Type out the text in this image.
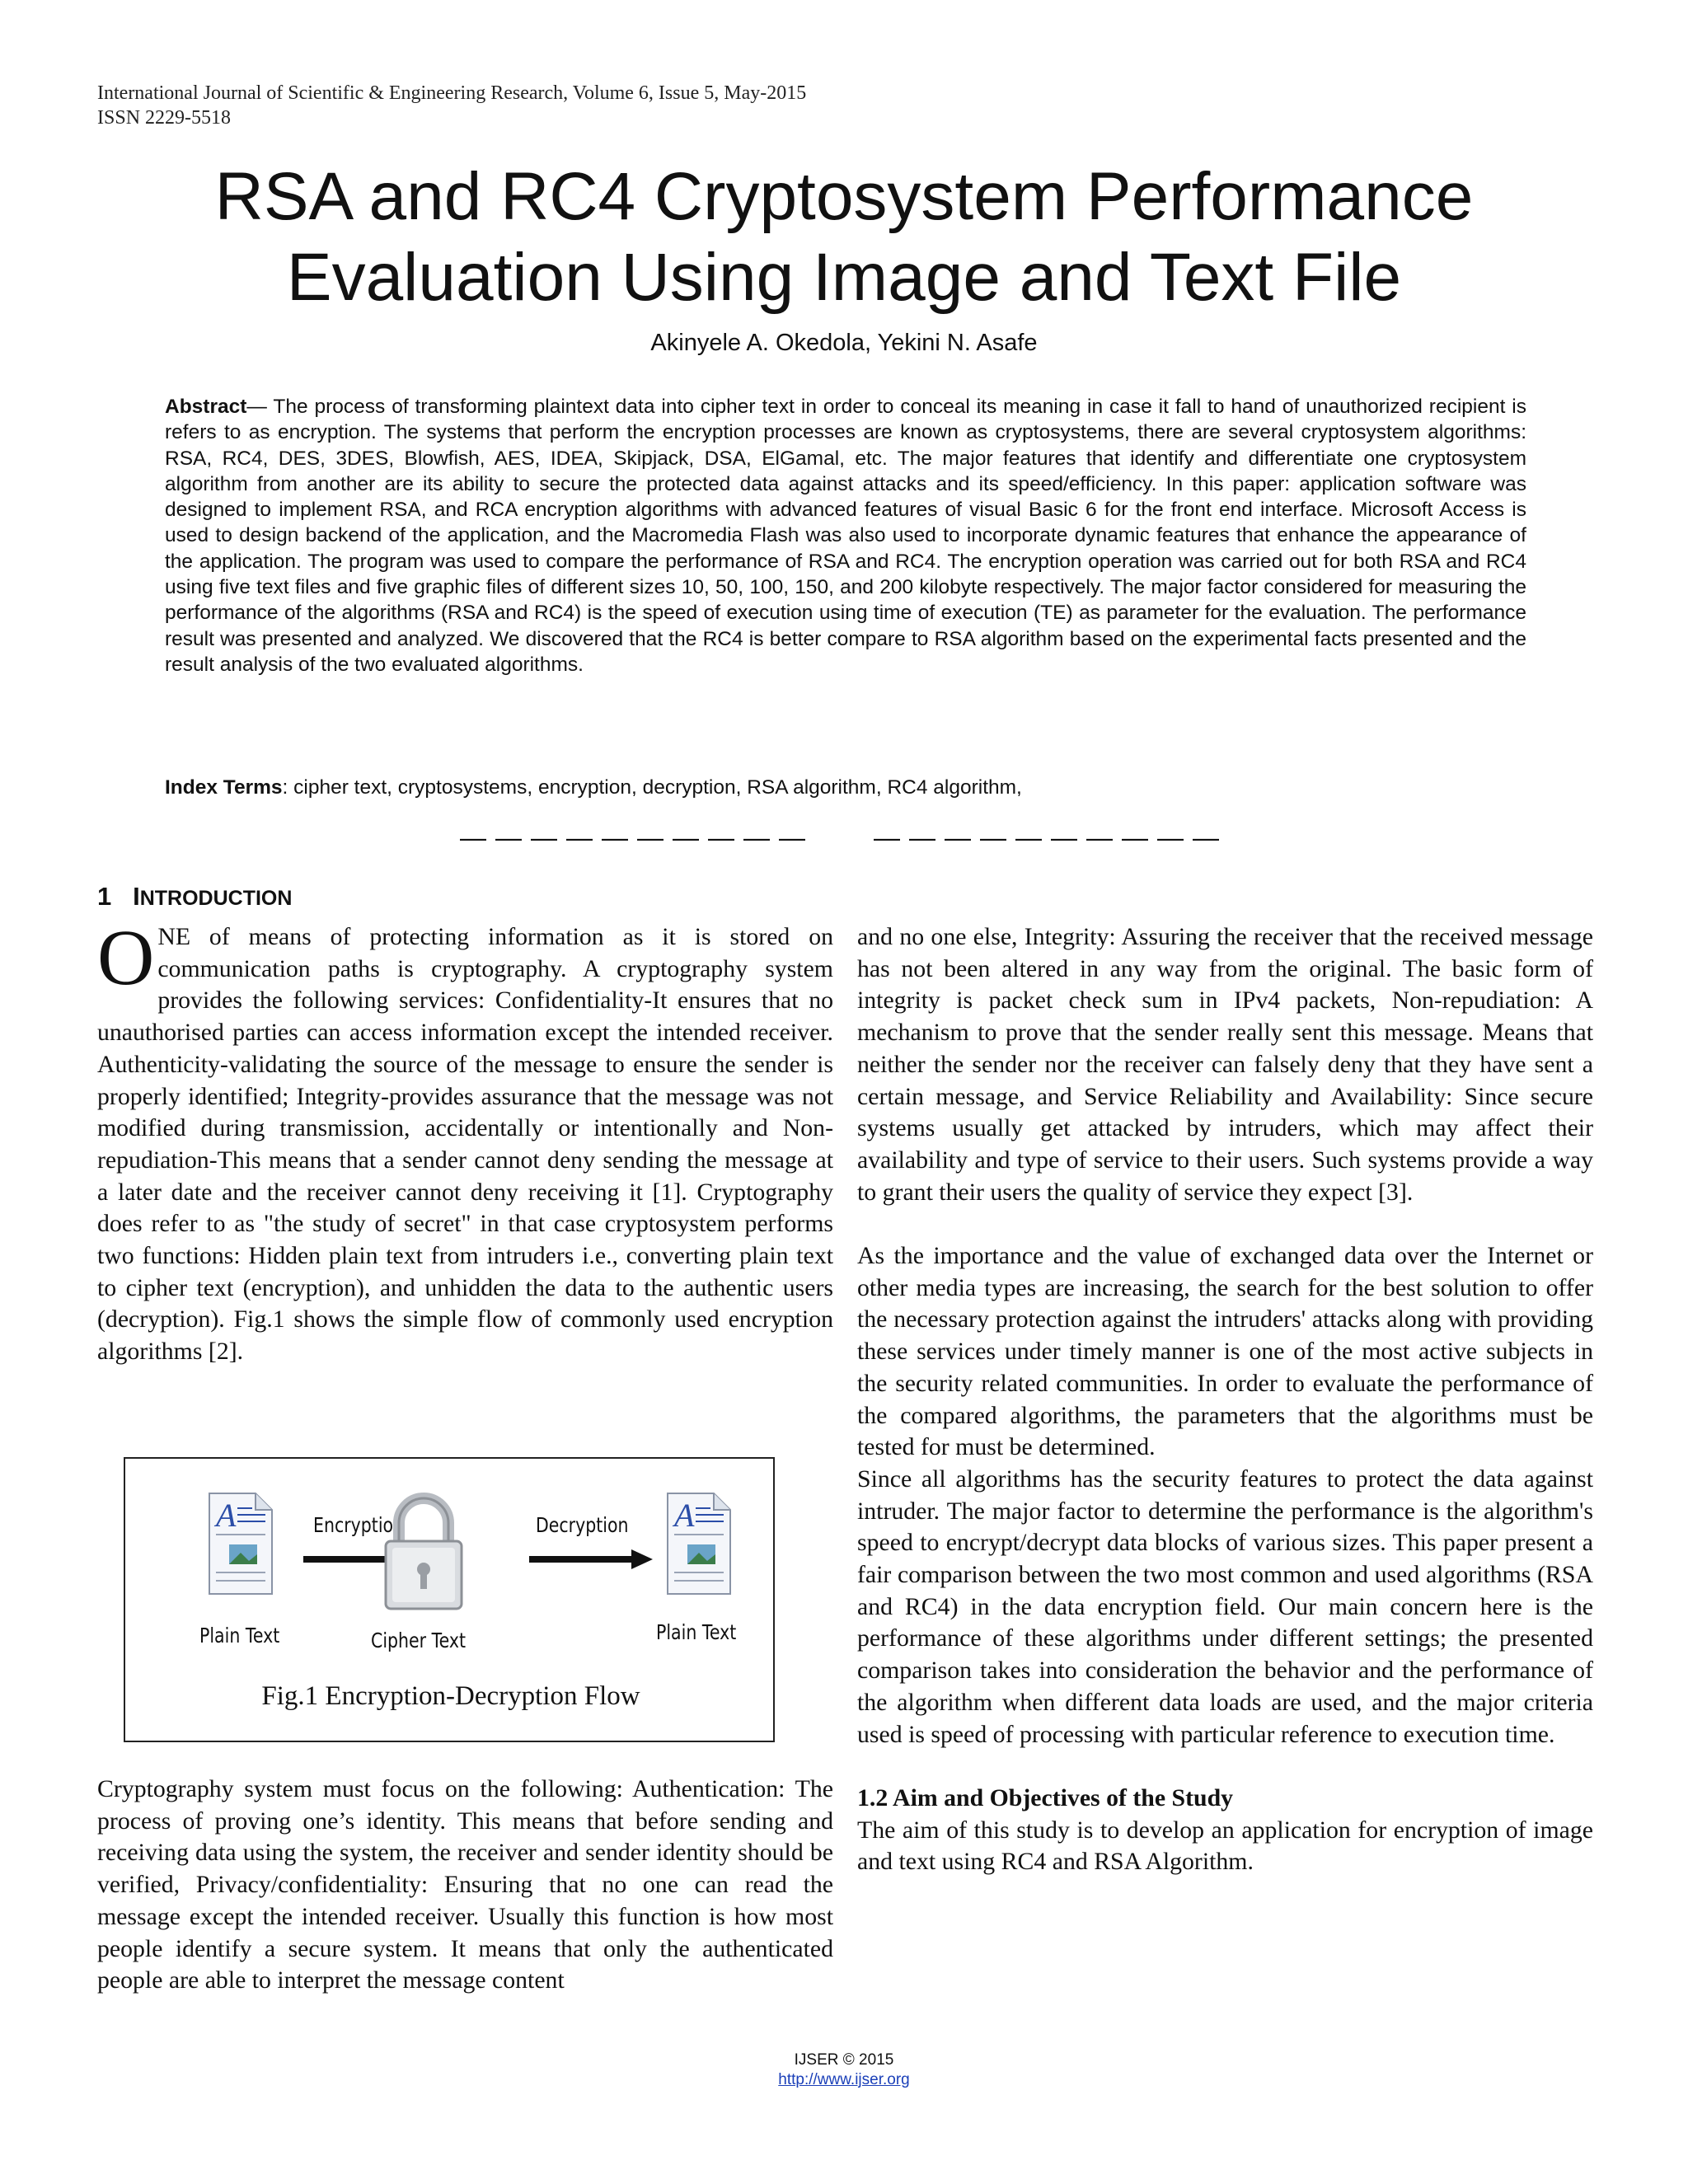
International Journal of Scientific & Engineering Research, Volume 6, Issue 5, May-2015
ISSN 2229-5518
RSA and RC4 Cryptosystem Performance
Evaluation Using Image and Text File
Akinyele A. Okedola, Yekini N. Asafe

Abstract— The process of transforming plaintext data into cipher text in order to conceal its meaning in case it fall to hand of unauthorized recipient is refers to as encryption. The systems that perform the encryption processes are known as cryptosystems, there are several cryptosystem algorithms: RSA, RC4, DES, 3DES, Blowfish, AES, IDEA, Skipjack, DSA, ElGamal, etc. The major features that identify and differentiate one cryptosystem algorithm from another are its ability to secure the protected data against attacks and its speed/efficiency. In this paper: application software was designed to implement RSA, and RCA encryption algorithms with advanced features of visual Basic 6 for the front end interface. Microsoft Access is used to design backend of the application, and the Macromedia Flash was also used to incorporate dynamic features that enhance the appearance of the application. The program was used to compare the performance of RSA and RC4. The encryption operation was carried out for both RSA and RC4 using five text files and five graphic files of different sizes 10, 50, 100, 150, and 200 kilobyte respectively. The major factor considered for measuring the performance of the algorithms (RSA and RC4) is the speed of execution using time of execution (TE) as parameter for the evaluation. The performance result was presented and analyzed. We discovered that the RC4 is better compare to RSA algorithm based on the experimental facts presented and the result analysis of the two evaluated algorithms.

Index Terms: cipher text, cryptosystems, encryption, decryption, RSA algorithm, RC4 algorithm,

—————————— ——————————
1 INTRODUCTION

ONE of means of protecting information as it is stored on communication paths is cryptography. A cryptography system provides the following services: Confidentiality-It ensures that no unauthorised parties can access information except the intended receiver. Authenticity-validating the source of the message to ensure the sender is properly identified; Integrity-provides assurance that the message was not modified during transmission, accidentally or intentionally and Non-repudiation-This means that a sender cannot deny sending the message at a later date and the receiver cannot deny receiving it [1]. Cryptography does refer to as "the study of secret" in that case cryptosystem performs two functions: Hidden plain text from intruders i.e., converting plain text to cipher text (encryption), and unhidden the data to the authentic users (decryption). Fig.1 shows the simple flow of commonly used encryption algorithms [2].

A
Plain Text
Encryption
Cipher Text
Decryption A
Plain Text
Fig.1 Encryption-Decryption Flow

Cryptography system must focus on the following: Authentication: The process of proving one’s identity. This means that before sending and receiving data using the system, the receiver and sender identity should be verified, Privacy/confidentiality: Ensuring that no one can read the message except the intended receiver. Usually this function is how most people identify a secure system. It means that only the authenticated people are able to interpret the message content

and no one else, Integrity: Assuring the receiver that the received message has not been altered in any way from the original. The basic form of integrity is packet check sum in IPv4 packets, Non-repudiation: A mechanism to prove that the sender really sent this message. Means that neither the sender nor the receiver can falsely deny that they have sent a certain message, and Service Reliability and Availability: Since secure systems usually get attacked by intruders, which may affect their availability and type of service to their users. Such systems provide a way to grant their users the quality of service they expect [3].

As the importance and the value of exchanged data over the Internet or other media types are increasing, the search for the best solution to offer the necessary protection against the intruders' attacks along with providing these services under timely manner is one of the most active subjects in the security related communities. In order to evaluate the performance of the compared algorithms, the parameters that the algorithms must be tested for must be determined.

Since all algorithms has the security features to protect the data against intruder. The major factor to determine the performance is the algorithm's speed to encrypt/decrypt data blocks of various sizes. This paper present a fair comparison between the two most common and used algorithms (RSA and RC4) in the data encryption field. Our main concern here is the performance of these algorithms under different settings; the presented comparison takes into consideration the behavior and the performance of the algorithm when different data loads are used, and the major criteria used is speed of processing with particular reference to execution time.

1.2 Aim and Objectives of the Study

The aim of this study is to develop an application for encryption of image and text using RC4 and RSA Algorithm.

IJSER © 2015
http://www.ijser.org
